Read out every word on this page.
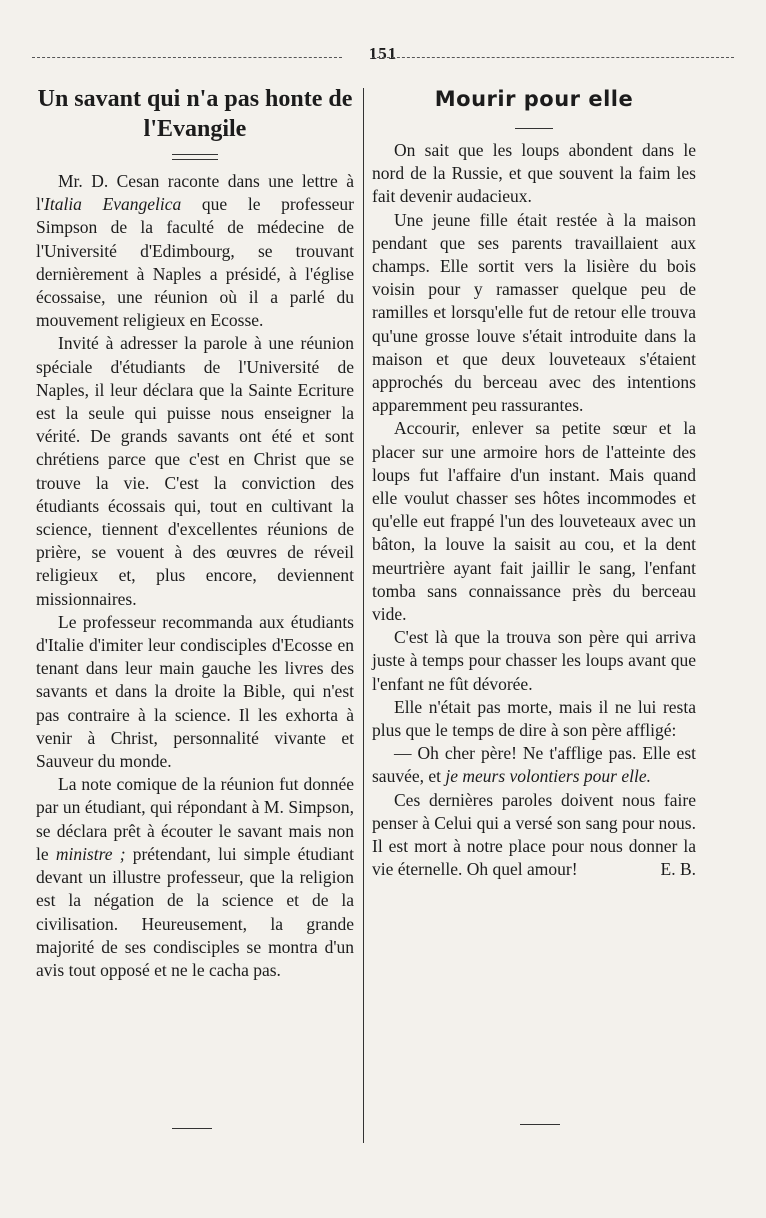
151
Un savant qui n'a pas honte de l'Evangile

Mr. D. Cesan raconte dans une lettre à l'Italia Evangelica que le professeur Simpson de la faculté de médecine de l'Université d'Edimbourg, se trouvant dernièrement à Naples a présidé, à l'église écossaise, une réunion où il a parlé du mouvement religieux en Ecosse.

Invité à adresser la parole à une réunion spéciale d'étudiants de l'Université de Naples, il leur déclara que la Sainte Ecriture est la seule qui puisse nous enseigner la vérité. De grands savants ont été et sont chrétiens parce que c'est en Christ que se trouve la vie. C'est la conviction des étudiants écossais qui, tout en cultivant la science, tiennent d'excellentes réunions de prière, se vouent à des œuvres de réveil religieux et, plus encore, deviennent missionnaires.

Le professeur recommanda aux étudiants d'Italie d'imiter leur condisciples d'Ecosse en tenant dans leur main gauche les livres des savants et dans la droite la Bible, qui n'est pas contraire à la science. Il les exhorta à venir à Christ, personnalité vivante et Sauveur du monde.

La note comique de la réunion fut donnée par un étudiant, qui répondant à M. Simpson, se déclara prêt à écouter le savant mais non le ministre ; prétendant, lui simple étudiant devant un illustre professeur, que la religion est la négation de la science et de la civilisation. Heureusement, la grande majorité de ses condisciples se montra d'un avis tout opposé et ne le cacha pas.

Mourir pour elle

On sait que les loups abondent dans le nord de la Russie, et que souvent la faim les fait devenir audacieux.

Une jeune fille était restée à la maison pendant que ses parents travaillaient aux champs. Elle sortit vers la lisière du bois voisin pour y ramasser quelque peu de ramilles et lorsqu'elle fut de retour elle trouva qu'une grosse louve s'était introduite dans la maison et que deux louveteaux s'étaient approchés du berceau avec des intentions apparemment peu rassurantes.

Accourir, enlever sa petite sœur et la placer sur une armoire hors de l'atteinte des loups fut l'affaire d'un instant. Mais quand elle voulut chasser ses hôtes incommodes et qu'elle eut frappé l'un des louveteaux avec un bâton, la louve la saisit au cou, et la dent meurtrière ayant fait jaillir le sang, l'enfant tomba sans connaissance près du berceau vide.

C'est là que la trouva son père qui arriva juste à temps pour chasser les loups avant que l'enfant ne fût dévorée.

Elle n'était pas morte, mais il ne lui resta plus que le temps de dire à son père affligé:

— Oh cher père! Ne t'afflige pas. Elle est sauvée, et je meurs volontiers pour elle.

Ces dernières paroles doivent nous faire penser à Celui qui a versé son sang pour nous. Il est mort à notre place pour nous donner la vie éternelle. Oh quel amour!	E. B.
